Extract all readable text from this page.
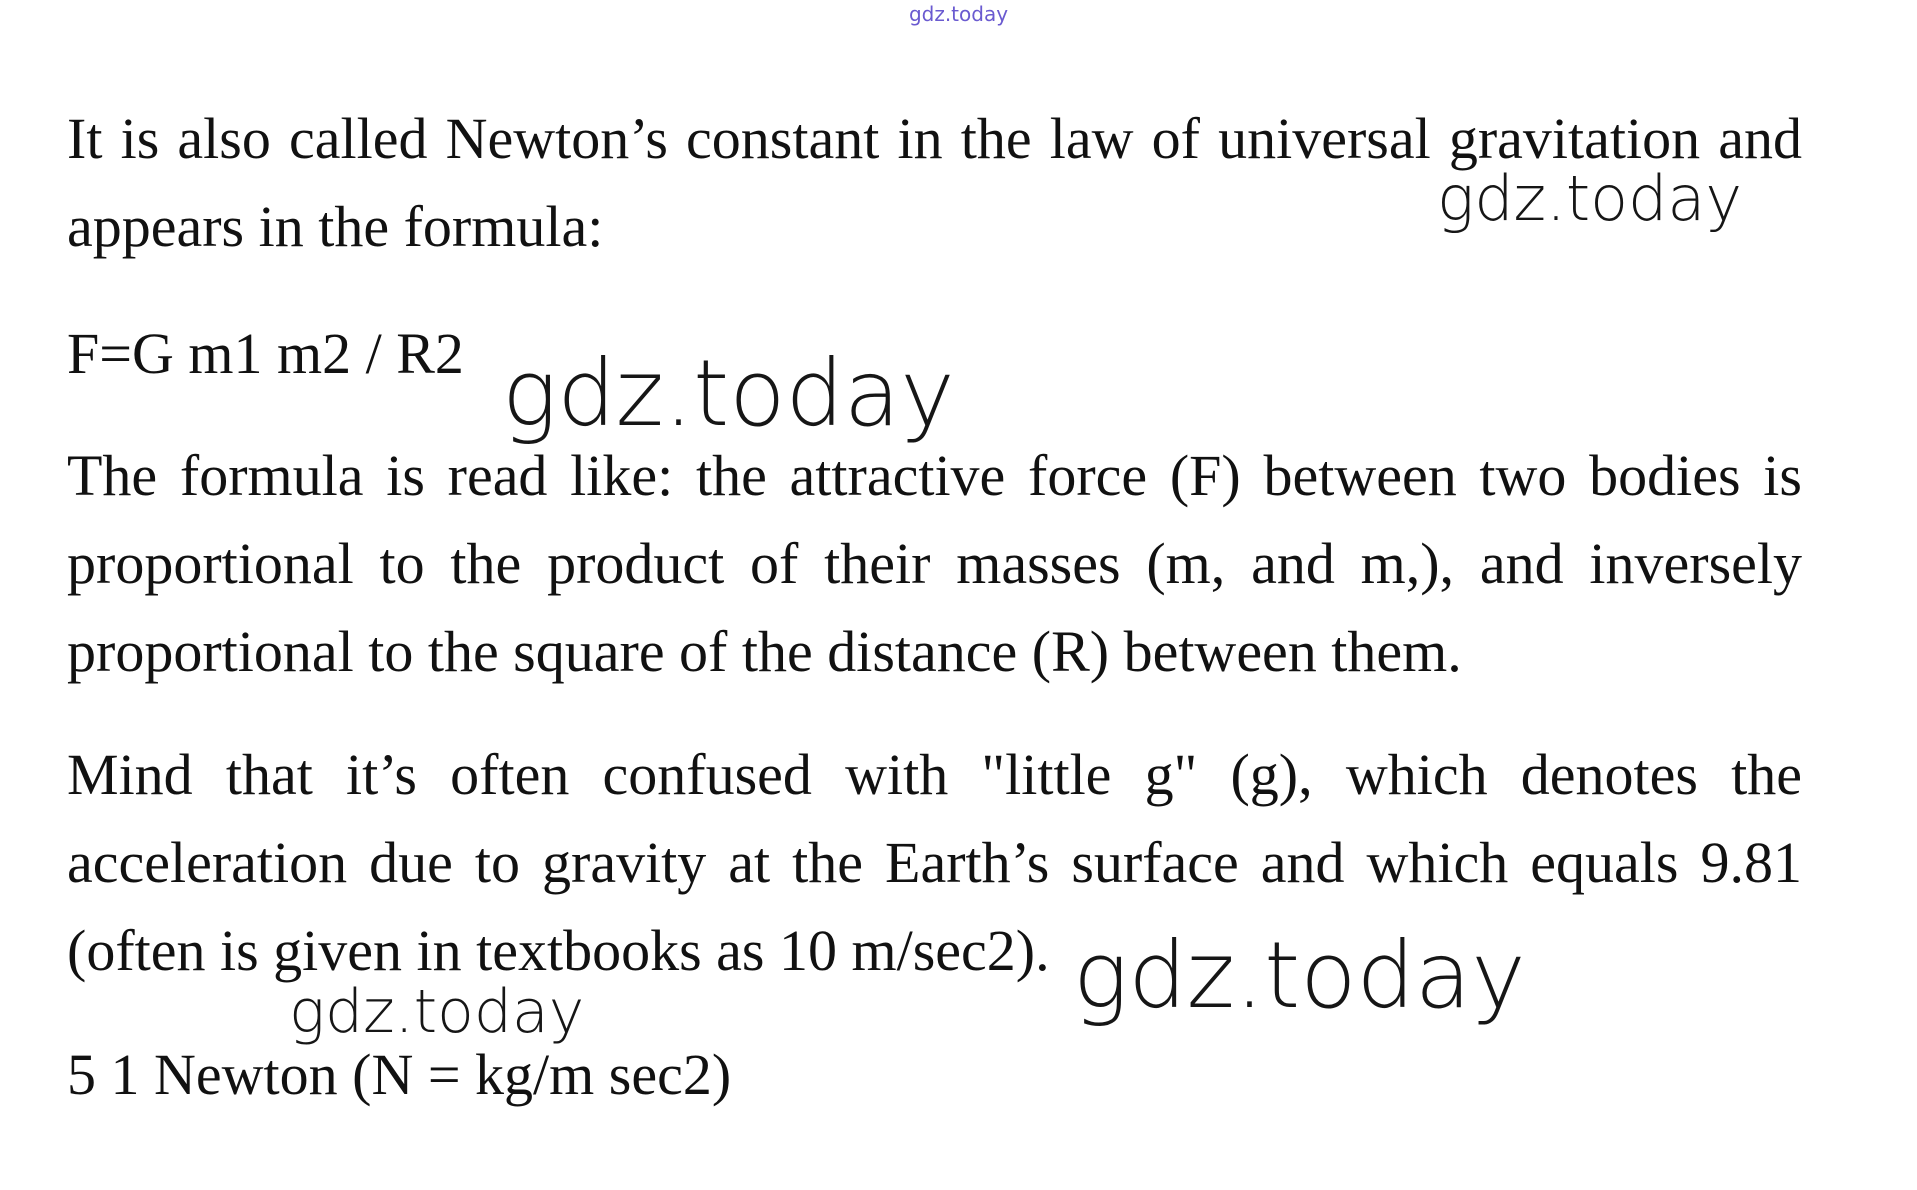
gdz.today
It is also called Newton’s constant in the law of universal gravitation and appears in the formula:
F=G m1 m2 / R2
The formula is read like: the attractive force (F) between two bodies is proportional to the product of their masses (m, and m,), and inversely proportional to the square of the distance (R) between them.
Mind that it’s often confused with "little g" (g), which denotes the acceleration due to gravity at the Earth’s surface and which equals 9.81 (often is given in textbooks as 10 m/sec2).
5 1 Newton (N = kg/m sec2)
gdz.today
gdz.today
gdz.today
gdz.today
